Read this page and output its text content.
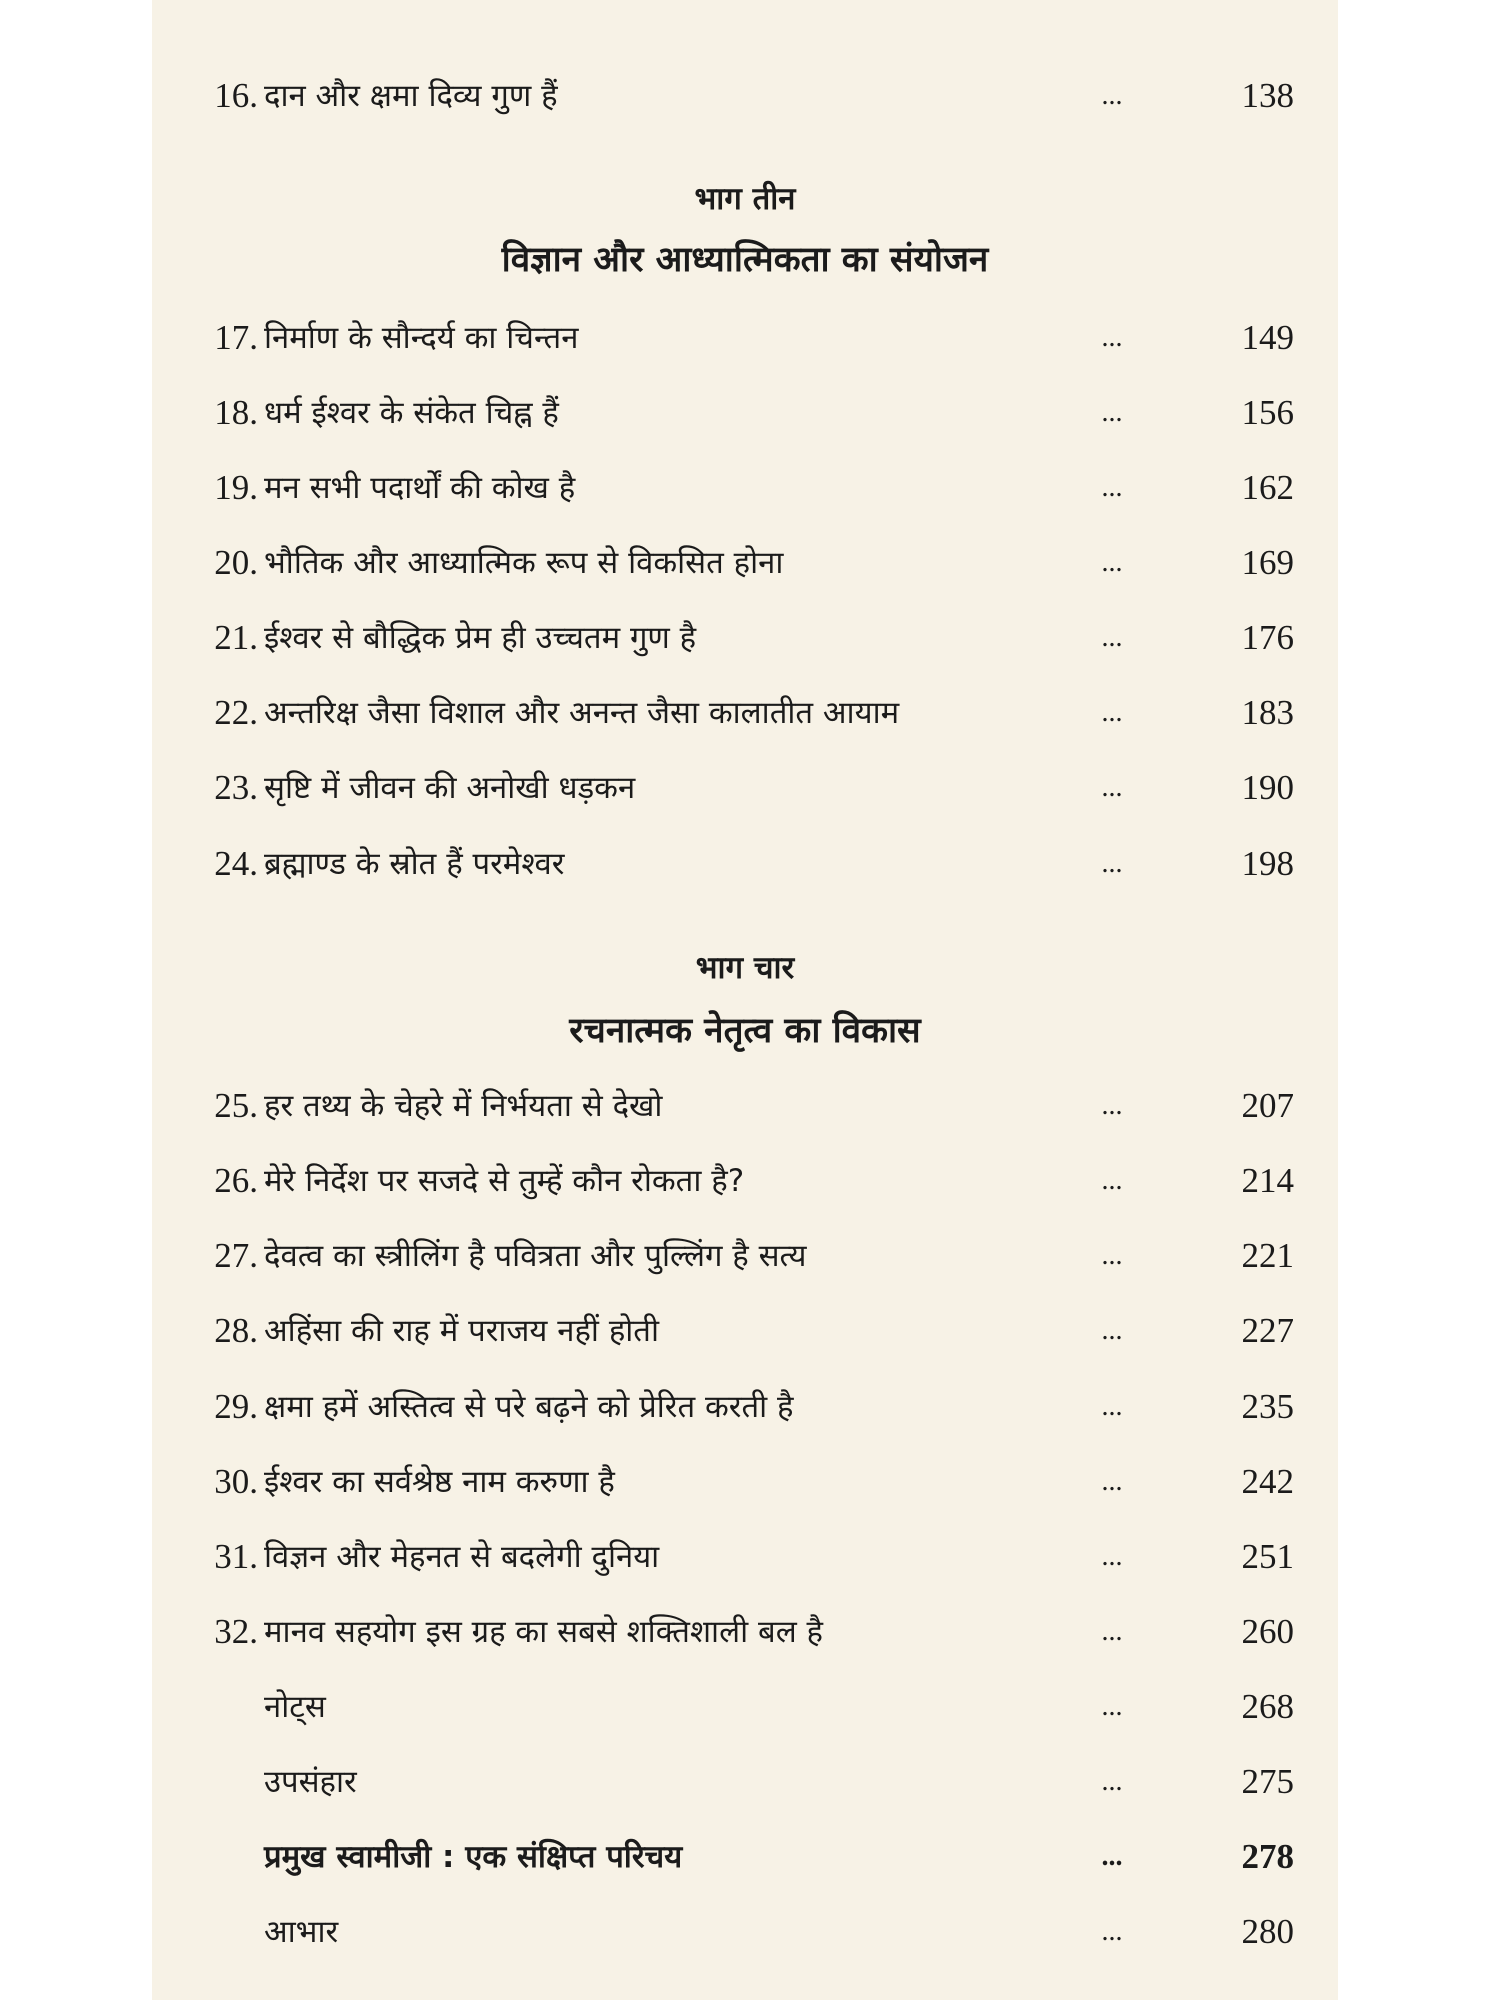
16. दान और क्षमा दिव्य गुण हैं	...	138
भाग तीन
विज्ञान और आध्यात्मिकता का संयोजन
17. निर्माण के सौन्दर्य का चिन्तन	...	149
18. धर्म ईश्वर के संकेत चिह्न हैं	...	156
19. मन सभी पदार्थों की कोख है	...	162
20. भौतिक और आध्यात्मिक रूप से विकसित होना	...	169
21. ईश्वर से बौद्धिक प्रेम ही उच्चतम गुण है	...	176
22. अन्तरिक्ष जैसा विशाल और अनन्त जैसा कालातीत आयाम	...	183
23. सृष्टि में जीवन की अनोखी धड़कन	...	190
24. ब्रह्माण्ड के स्रोत हैं परमेश्वर	...	198
भाग चार
रचनात्मक नेतृत्व का विकास
25. हर तथ्य के चेहरे में निर्भयता से देखो	...	207
26. मेरे निर्देश पर सजदे से तुम्हें कौन रोकता है?	...	214
27. देवत्व का स्त्रीलिंग है पवित्रता और पुल्लिंग है सत्य	...	221
28. अहिंसा की राह में पराजय नहीं होती	...	227
29. क्षमा हमें अस्तित्व से परे बढ़ने को प्रेरित करती है	...	235
30. ईश्वर का सर्वश्रेष्ठ नाम करुणा है	...	242
31. विज्ञन और मेहनत से बदलेगी दुनिया	...	251
32. मानव सहयोग इस ग्रह का सबसे शक्तिशाली बल है	...	260
नोट्स	...	268
उपसंहार	...	275
प्रमुख स्वामीजी : एक संक्षिप्त परिचय	...	278
आभार	...	280
